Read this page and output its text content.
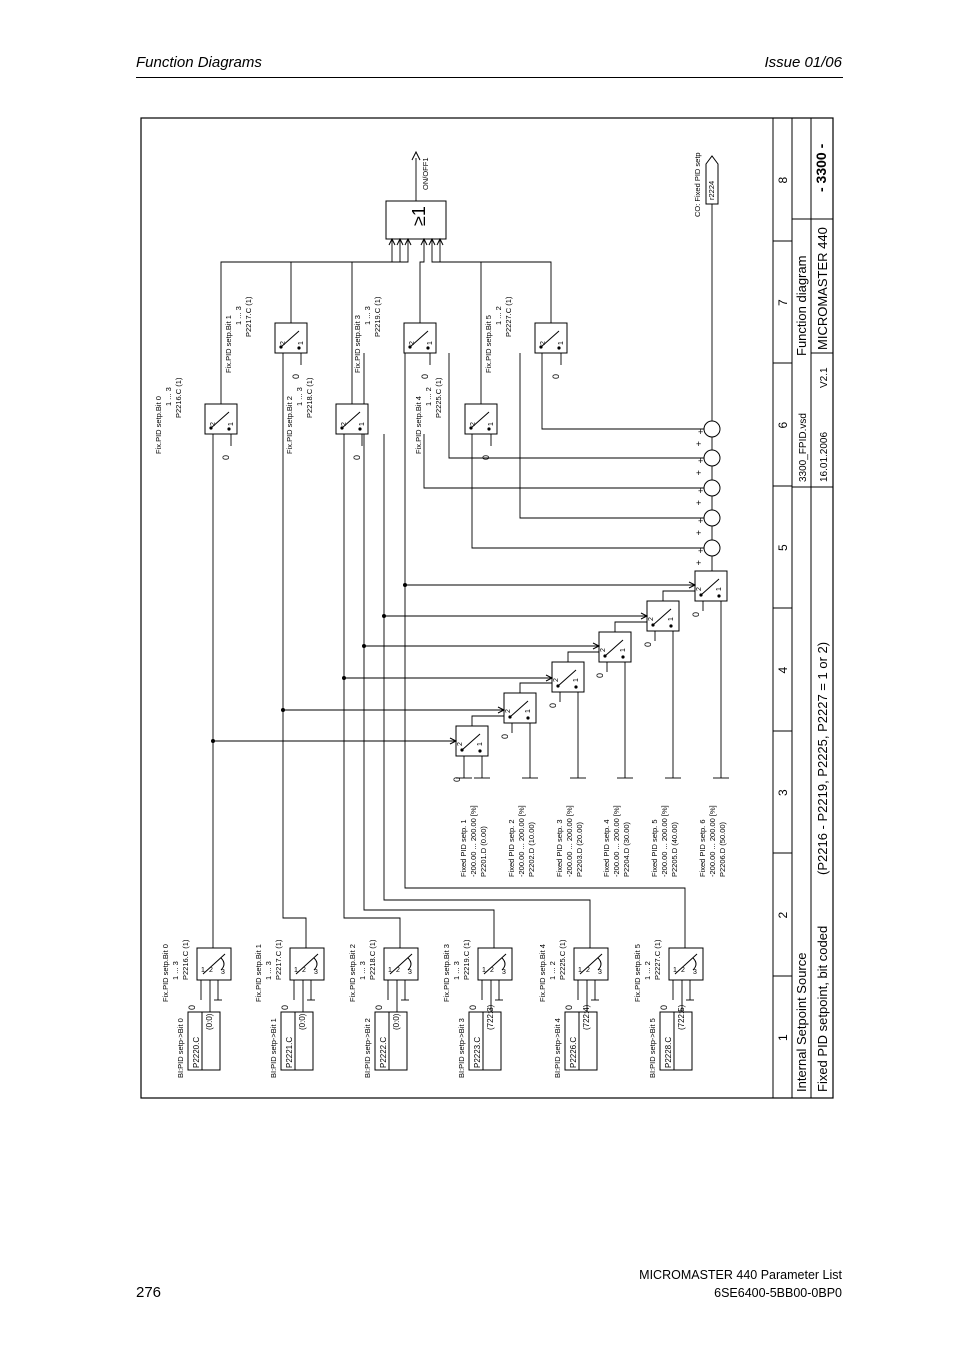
Function Diagrams	Issue 01/06
276
MICROMASTER 440 Parameter List
6SE6400-5BB00-0BP0
Internal Setpoint Source Fixed PID setpoint, bit coded
(P2216 - P2219, P2225, P2227 = 1 or 2)
3300_FPID.vsd 16.01.2006
V2.1
Function diagram MICROMASTER 440
- 3300 -
1
2
3
4
5
6
7
8
P2220.C
(0:0)
BI:PID setp->Bit 0
1 2 3
0
Fix.PID setp.Bit 0 1 ... 3 P2216.C (1)
P2221.C
(0:0)
BI:PID setp->Bit 1
1 2 3
0
Fix.PID setp.Bit 1 1 ... 3 P2217.C (1)
P2222.C
(0:0)
BI:PID setp->Bit 2
1 2 3
0
Fix.PID setp.Bit 2 1 ... 3 P2218.C (1)
P2223.C
(722:3)
BI:PID setp->Bit 3
1 2 3
0
Fix.PID setp.Bit 3 1 ... 3 P2219.C (1)
P2226.C
(722:4)
BI:PID setp->Bit 4
1 2 3
0
Fix.PID setp.Bit 4 1 ... 2 P2225.C (1)
P2228.C
(722:5)
BI:PID setp->Bit 5
1 2 3
0
Fix.PID setp.Bit 5 1 ... 2 P2227.C (1)
0
2 1
0
2 1
0
2 1
0
2 1
0
2 1
0
2 1
Fixed PID setp. 1 -200.00 ... 200.00 [%] P2201.D (0.00)	Fixed PID setp. 2 -200.00 ... 200.00 [%] P2202.D (10.00)	Fixed PID setp. 3 -200.00 ... 200.00 [%] P2203.D (20.00) Fixed PID setp. 4 -200.00 ... 200.00 [%] P2204.D (30.00)	Fixed PID setp. 5 -200.00 ... 200.00 [%] P2205.D (40.00)	Fixed PID setp. 6 -200.00 ... 200.00 [%] P2206.D (50.00)
+
+
+
+
+
+
+
+
+
+
r2224
CO: Fixed PID setp
2 1
0
Fix.PID setp.Bit 0 1 ... 3 P2216.C (1)
2 1
0
Fix.PID setp.Bit 1 1 ... 3 P2217.C (1)
2 1
0
Fix.PID setp.Bit 2 1 ... 3 P2218.C (1)
2 1
0
Fix.PID setp.Bit 3 1 ... 3 P2219.C (1)
2 1
0
Fix.PID setp.Bit 4 1 ... 2 P2225.C (1)
2 1
0
Fix.PID setp.Bit 5 1 ... 2 P2227.C (1)
≥1
ON/OFF1
